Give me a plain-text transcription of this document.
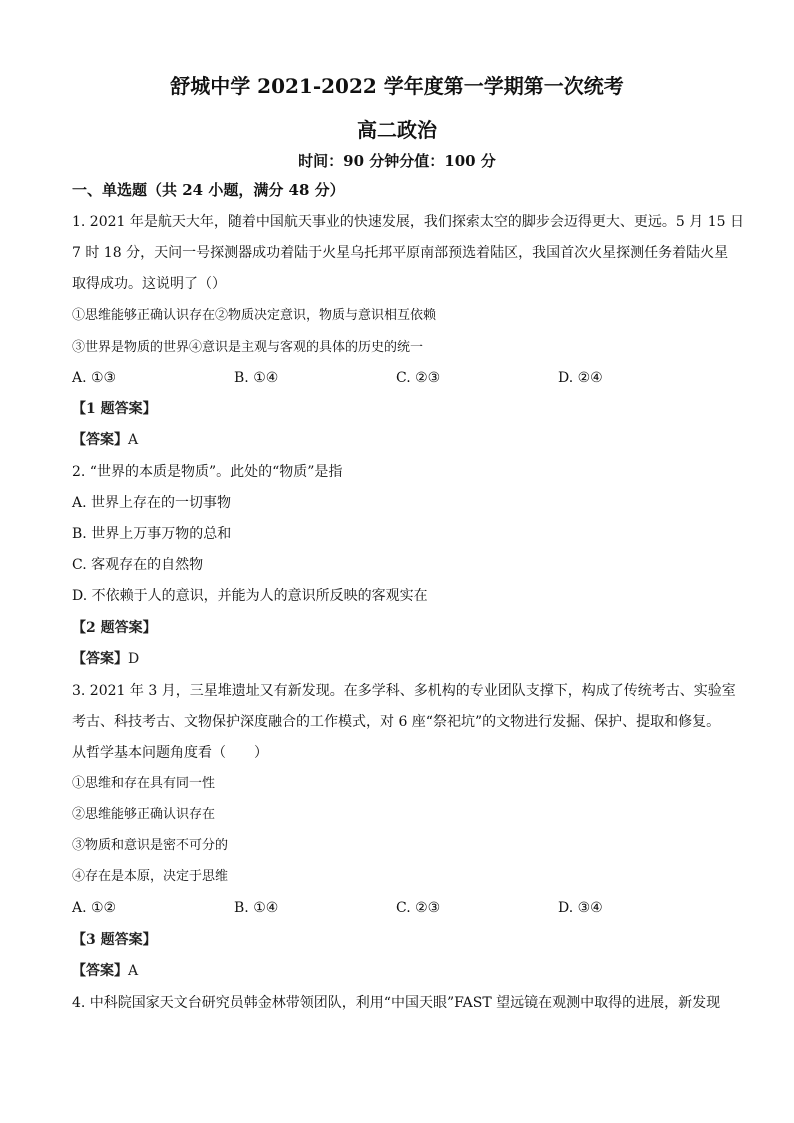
舒城中学 2021-2022 学年度第一学期第一次统考
高二政治
时间：90 分钟分值：100 分
一、单选题（共 24 小题，满分 48 分）
1. 2021 年是航天大年，随着中国航天事业的快速发展，我们探索太空的脚步会迈得更大、更远。5 月 15 日
7 时 18 分，天问一号探测器成功着陆于火星乌托邦平原南部预选着陆区，我国首次火星探测任务着陆火星
取得成功。这说明了（）
①思维能够正确认识存在②物质决定意识，物质与意识相互依赖
③世界是物质的世界④意识是主观与客观的具体的历史的统一
A. ①③	B. ①④	C. ②③	D. ②④
【1 题答案】
【答案】A
2. “世界的本质是物质”。此处的“物质”是指
A. 世界上存在的一切事物
B. 世界上万事万物的总和
C. 客观存在的自然物
D. 不依赖于人的意识，并能为人的意识所反映的客观实在
【2 题答案】
【答案】D
3. 2021 年 3 月，三星堆遗址又有新发现。在多学科、多机构的专业团队支撑下，构成了传统考古、实验室
考古、科技考古、文物保护深度融合的工作模式，对 6 座“祭祀坑”的文物进行发掘、保护、提取和修复。
从哲学基本问题角度看（　　）
①思维和存在具有同一性
②思维能够正确认识存在
③物质和意识是密不可分的
④存在是本原，决定于思维
A. ①②	B. ①④	C. ②③	D. ③④
【3 题答案】
【答案】A
4. 中科院国家天文台研究员韩金林带领团队，利用“中国天眼”FAST 望远镜在观测中取得的进展，新发现
